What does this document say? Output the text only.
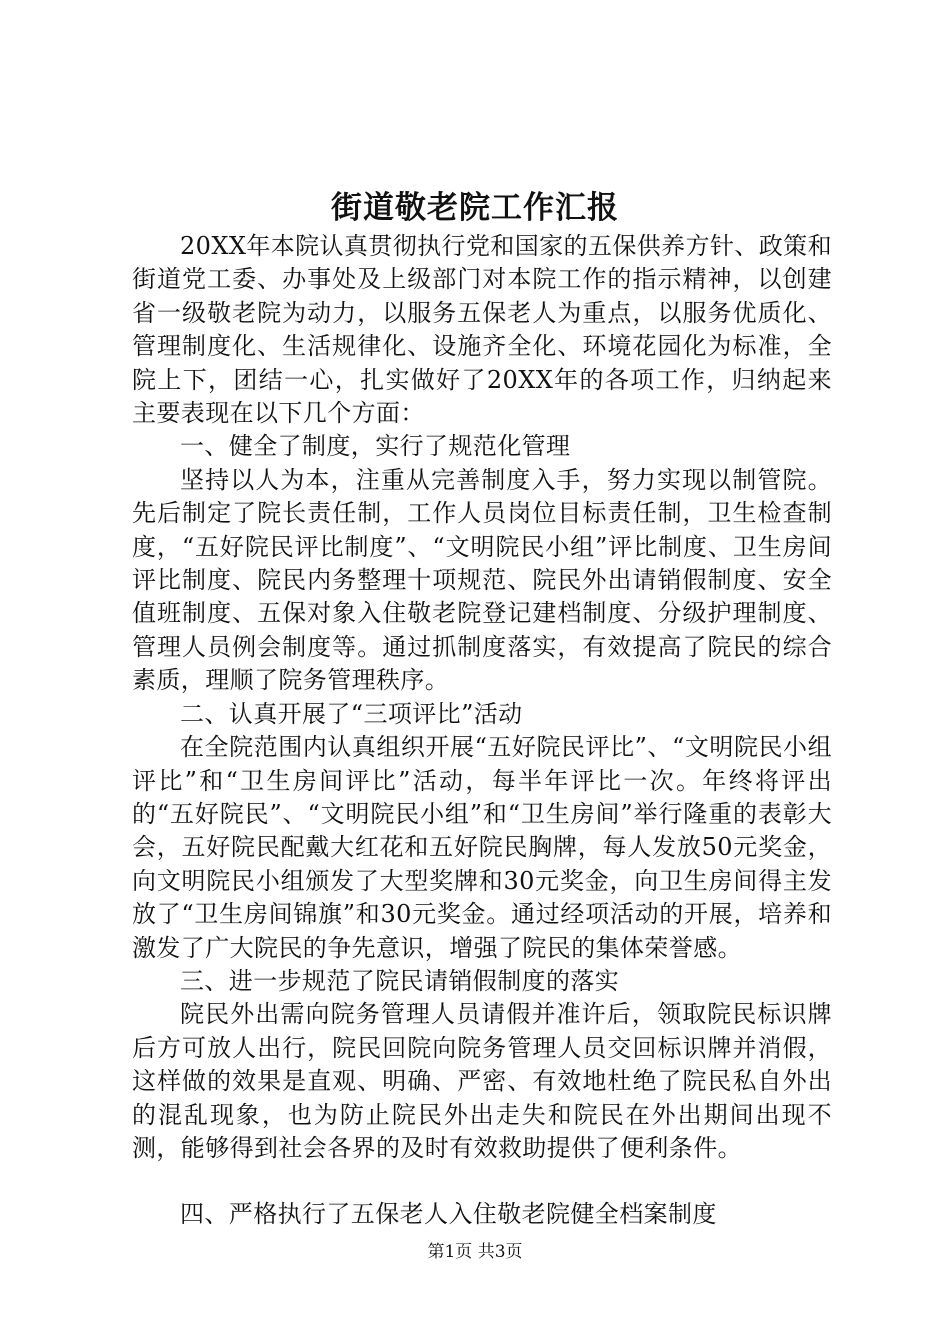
街道敬老院工作汇报

20XX年本院认真贯彻执行党和国家的五保供养方针、政策和街道党工委、办事处及上级部门对本院工作的指示精神，以创建省一级敬老院为动力，以服务五保老人为重点，以服务优质化、管理制度化、生活规律化、设施齐全化、环境花园化为标准，全院上下，团结一心，扎实做好了20XX年的各项工作，归纳起来主要表现在以下几个方面：

一、健全了制度，实行了规范化管理

坚持以人为本，注重从完善制度入手，努力实现以制管院。先后制定了院长责任制，工作人员岗位目标责任制，卫生检查制度，“五好院民评比制度”、“文明院民小组”评比制度、卫生房间评比制度、院民内务整理十项规范、院民外出请销假制度、安全值班制度、五保对象入住敬老院登记建档制度、分级护理制度、管理人员例会制度等。通过抓制度落实，有效提高了院民的综合素质，理顺了院务管理秩序。

二、认真开展了“三项评比”活动

在全院范围内认真组织开展“五好院民评比”、“文明院民小组评比”和“卫生房间评比”活动，每半年评比一次。年终将评出的“五好院民”、“文明院民小组”和“卫生房间”举行隆重的表彰大会，五好院民配戴大红花和五好院民胸牌，每人发放50元奖金，向文明院民小组颁发了大型奖牌和30元奖金，向卫生房间得主发放了“卫生房间锦旗”和30元奖金。通过经项活动的开展，培养和激发了广大院民的争先意识，增强了院民的集体荣誉感。

三、进一步规范了院民请销假制度的落实

院民外出需向院务管理人员请假并准许后，领取院民标识牌后方可放人出行，院民回院向院务管理人员交回标识牌并消假，这样做的效果是直观、明确、严密、有效地杜绝了院民私自外出的混乱现象，也为防止院民外出走失和院民在外出期间出现不测，能够得到社会各界的及时有效救助提供了便利条件。

四、严格执行了五保老人入住敬老院健全档案制度

第1页 共3页
